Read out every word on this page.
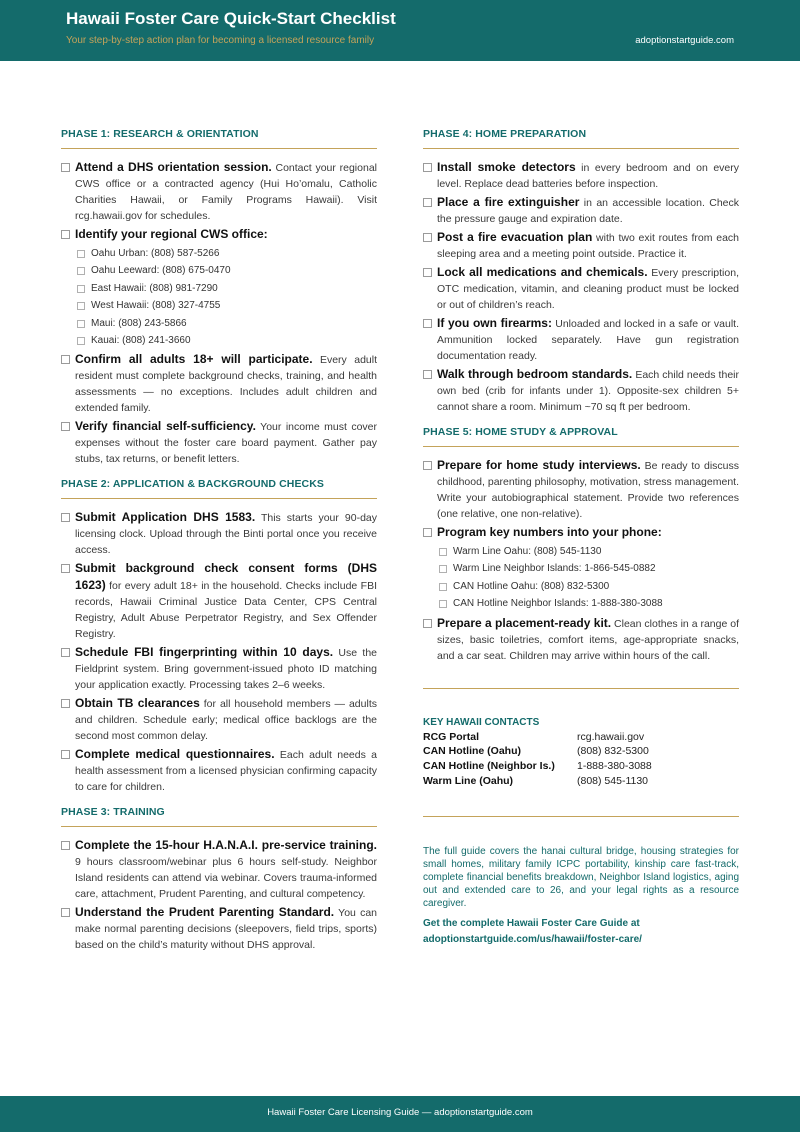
Hawaii Foster Care Quick-Start Checklist
Your step-by-step action plan for becoming a licensed resource family	adoptionstartguide.com
PHASE 1: RESEARCH & ORIENTATION
Attend a DHS orientation session. Contact your regional CWS office or a contracted agency (Hui Ho’omalu, Catholic Charities Hawaii, or Family Programs Hawaii). Visit rcg.hawaii.gov for schedules.
Identify your regional CWS office:
Oahu Urban: (808) 587-5266
Oahu Leeward: (808) 675-0470
East Hawaii: (808) 981-7290
West Hawaii: (808) 327-4755
Maui: (808) 243-5866
Kauai: (808) 241-3660
Confirm all adults 18+ will participate. Every adult resident must complete background checks, training, and health assessments — no exceptions. Includes adult children and extended family.
Verify financial self-sufficiency. Your income must cover expenses without the foster care board payment. Gather pay stubs, tax returns, or benefit letters.
PHASE 2: APPLICATION & BACKGROUND CHECKS
Submit Application DHS 1583. This starts your 90-day licensing clock. Upload through the Binti portal once you receive access.
Submit background check consent forms (DHS 1623) for every adult 18+ in the household. Checks include FBI records, Hawaii Criminal Justice Data Center, CPS Central Registry, Adult Abuse Perpetrator Registry, and Sex Offender Registry.
Schedule FBI fingerprinting within 10 days. Use the Fieldprint system. Bring government-issued photo ID matching your application exactly. Processing takes 2–6 weeks.
Obtain TB clearances for all household members — adults and children. Schedule early; medical office backlogs are the second most common delay.
Complete medical questionnaires. Each adult needs a health assessment from a licensed physician confirming capacity to care for children.
PHASE 3: TRAINING
Complete the 15-hour H.A.N.A.I. pre-service training. 9 hours classroom/webinar plus 6 hours self-study. Neighbor Island residents can attend via webinar. Covers trauma-informed care, attachment, Prudent Parenting, and cultural competency.
Understand the Prudent Parenting Standard. You can make normal parenting decisions (sleepovers, field trips, sports) based on the child’s maturity without DHS approval.
PHASE 4: HOME PREPARATION
Install smoke detectors in every bedroom and on every level. Replace dead batteries before inspection.
Place a fire extinguisher in an accessible location. Check the pressure gauge and expiration date.
Post a fire evacuation plan with two exit routes from each sleeping area and a meeting point outside. Practice it.
Lock all medications and chemicals. Every prescription, OTC medication, vitamin, and cleaning product must be locked or out of children’s reach.
If you own firearms: Unloaded and locked in a safe or vault. Ammunition locked separately. Have gun registration documentation ready.
Walk through bedroom standards. Each child needs their own bed (crib for infants under 1). Opposite-sex children 5+ cannot share a room. Minimum ~70 sq ft per bedroom.
PHASE 5: HOME STUDY & APPROVAL
Prepare for home study interviews. Be ready to discuss childhood, parenting philosophy, motivation, stress management. Write your autobiographical statement. Provide two references (one relative, one non-relative).
Program key numbers into your phone:
Warm Line Oahu: (808) 545-1130
Warm Line Neighbor Islands: 1-866-545-0882
CAN Hotline Oahu: (808) 832-5300
CAN Hotline Neighbor Islands: 1-888-380-3088
Prepare a placement-ready kit. Clean clothes in a range of sizes, basic toiletries, comfort items, age-appropriate snacks, and a car seat. Children may arrive within hours of the call.
KEY HAWAII CONTACTS
RCG Portal	rcg.hawaii.gov
CAN Hotline (Oahu)	(808) 832-5300
CAN Hotline (Neighbor Is.)	1-888-380-3088
Warm Line (Oahu)	(808) 545-1130
The full guide covers the hanai cultural bridge, housing strategies for small homes, military family ICPC portability, kinship care fast-track, complete financial benefits breakdown, Neighbor Island logistics, aging out and extended care to 26, and your legal rights as a resource caregiver.
Get the complete Hawaii Foster Care Guide at
adoptionstartguide.com/us/hawaii/foster-care/
Hawaii Foster Care Licensing Guide — adoptionstartguide.com
